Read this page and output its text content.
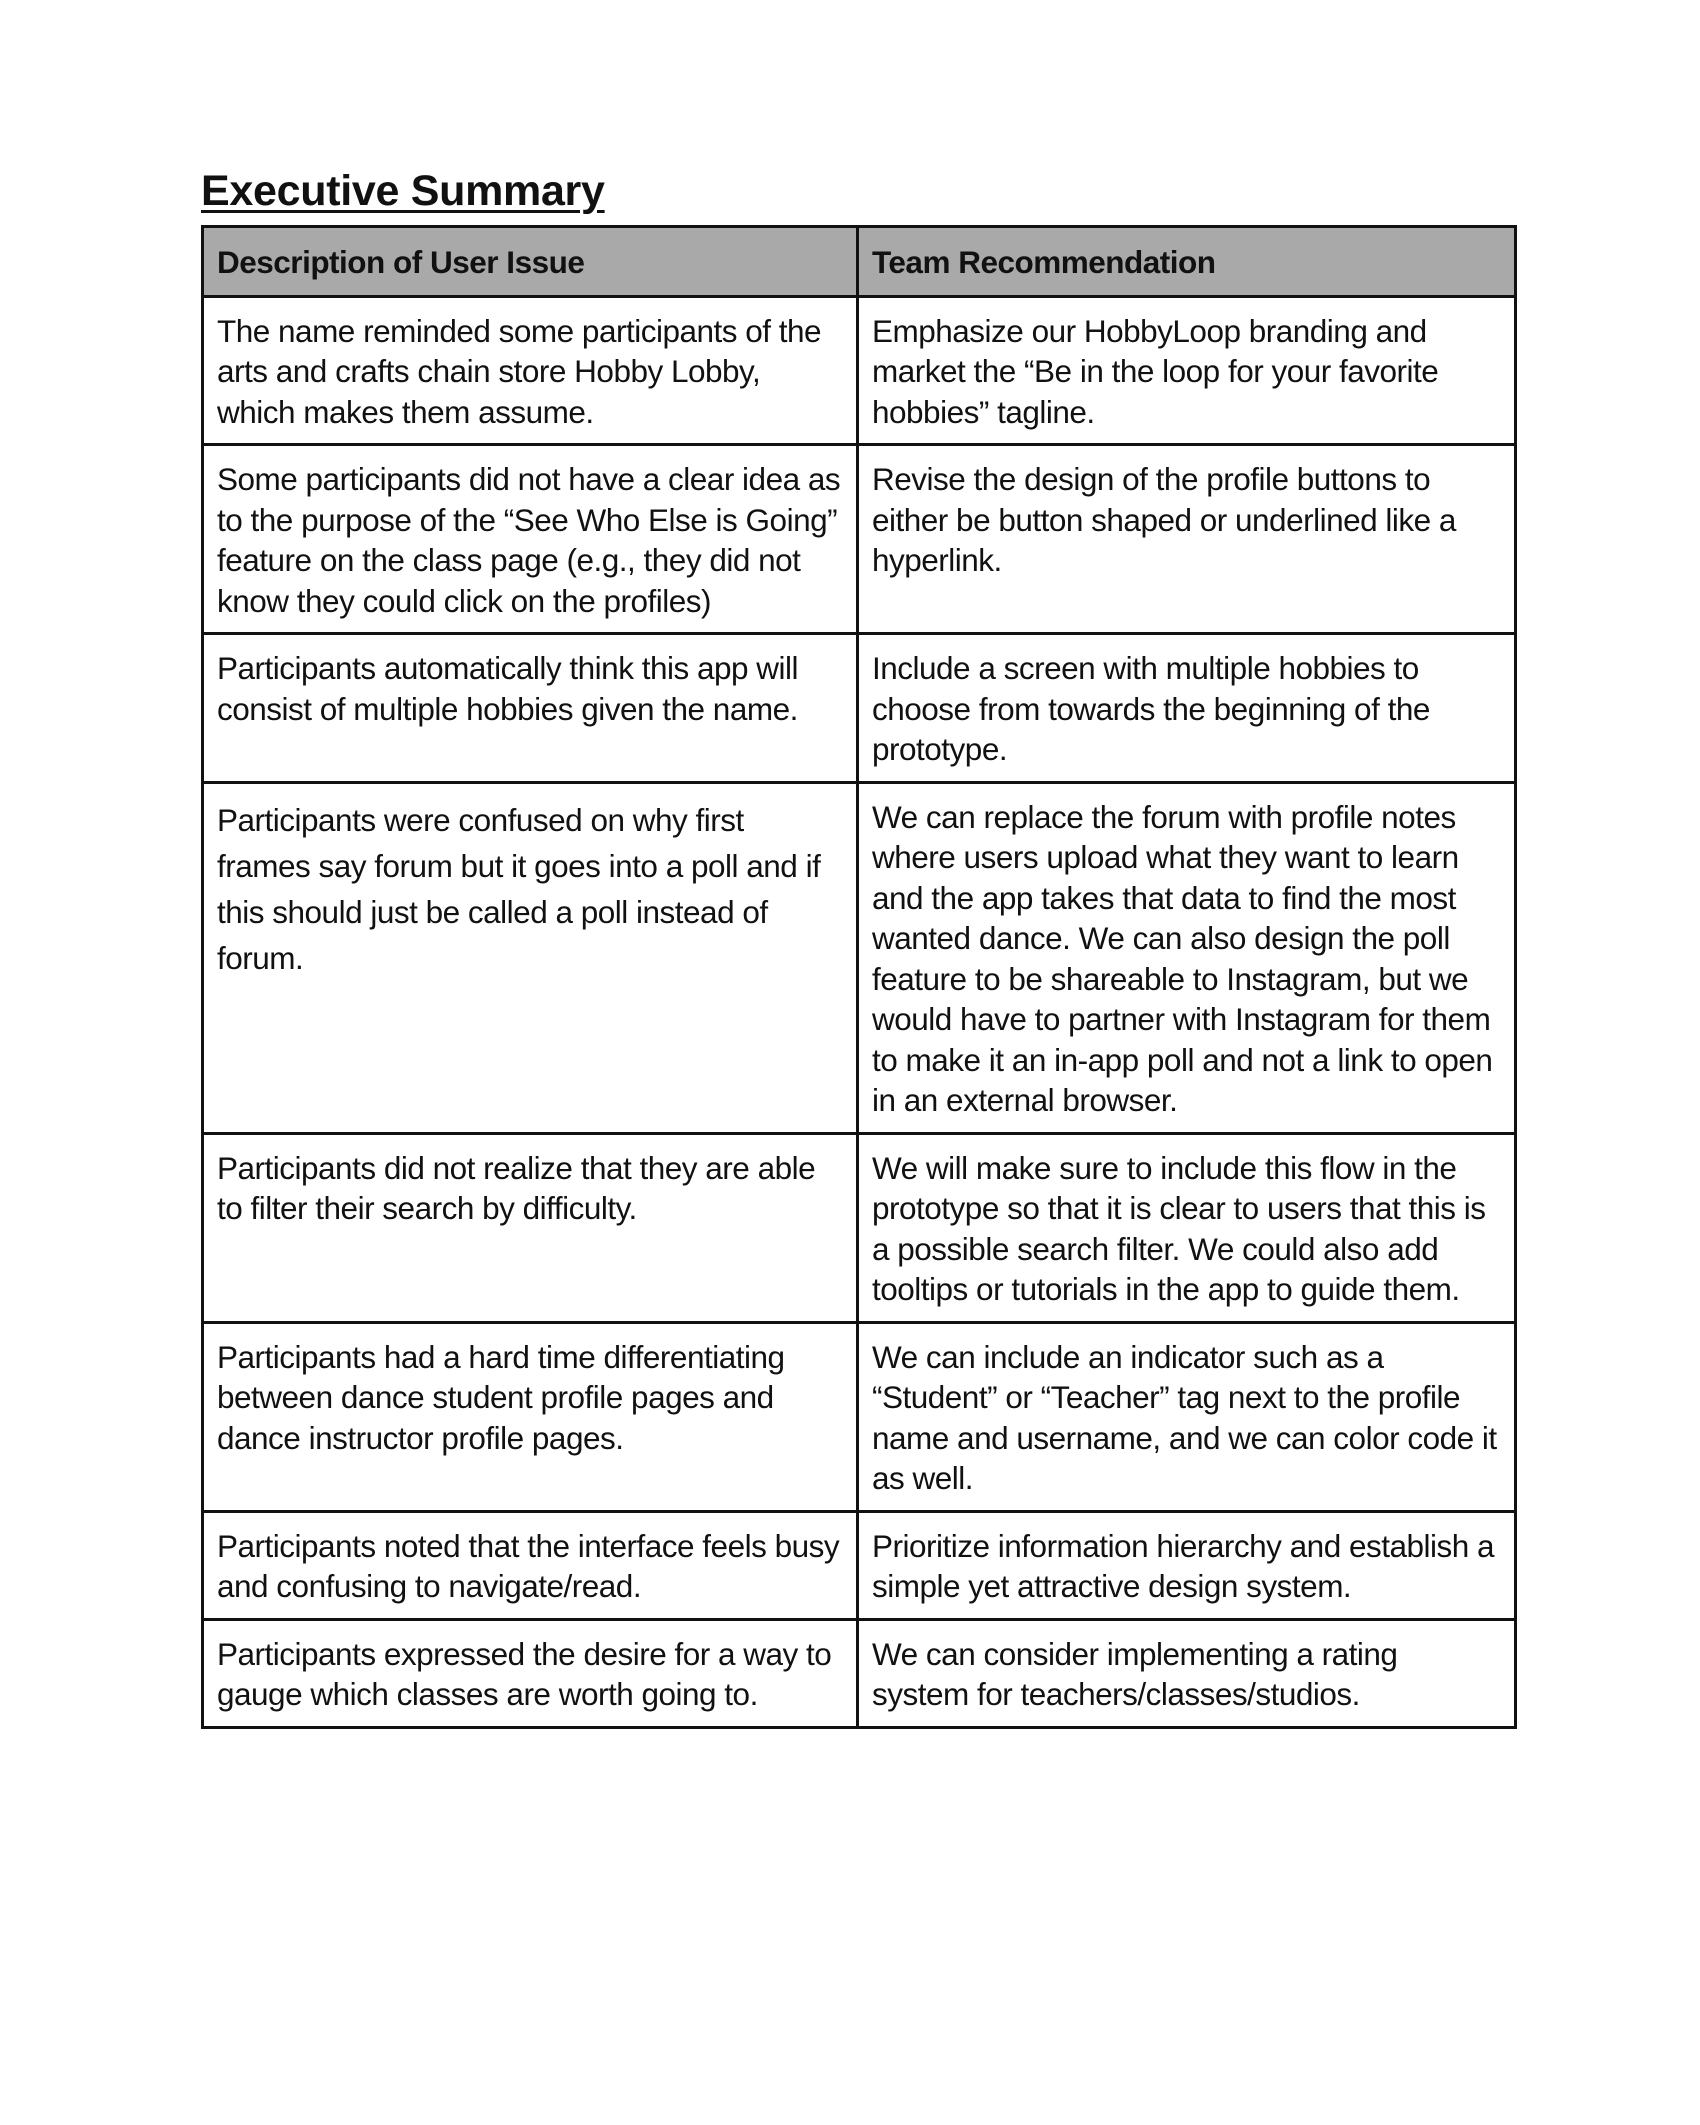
Executive Summary
Description of User Issue	Team Recommendation
The name reminded some participants of the arts and crafts chain store Hobby Lobby, which makes them assume.	Emphasize our HobbyLoop branding and market the “Be in the loop for your favorite hobbies” tagline.
Some participants did not have a clear idea as to the purpose of the “See Who Else is Going” feature on the class page (e.g., they did not know they could click on the profiles)	Revise the design of the profile buttons to either be button shaped or underlined like a hyperlink.
Participants automatically think this app will consist of multiple hobbies given the name.	Include a screen with multiple hobbies to choose from towards the beginning of the prototype.
Participants were confused on why first frames say forum but it goes into a poll and if this should just be called a poll instead of forum.	We can replace the forum with profile notes where users upload what they want to learn and the app takes that data to find the most wanted dance. We can also design the poll feature to be shareable to Instagram, but we would have to partner with Instagram for them to make it an in-app poll and not a link to open in an external browser.
Participants did not realize that they are able to filter their search by difficulty.	We will make sure to include this flow in the prototype so that it is clear to users that this is a possible search filter. We could also add tooltips or tutorials in the app to guide them.
Participants had a hard time differentiating between dance student profile pages and dance instructor profile pages.	We can include an indicator such as a “Student” or “Teacher” tag next to the profile name and username, and we can color code it as well.
Participants noted that the interface feels busy and confusing to navigate/read.	Prioritize information hierarchy and establish a simple yet attractive design system.
Participants expressed the desire for a way to gauge which classes are worth going to.	We can consider implementing a rating system for teachers/classes/studios.
